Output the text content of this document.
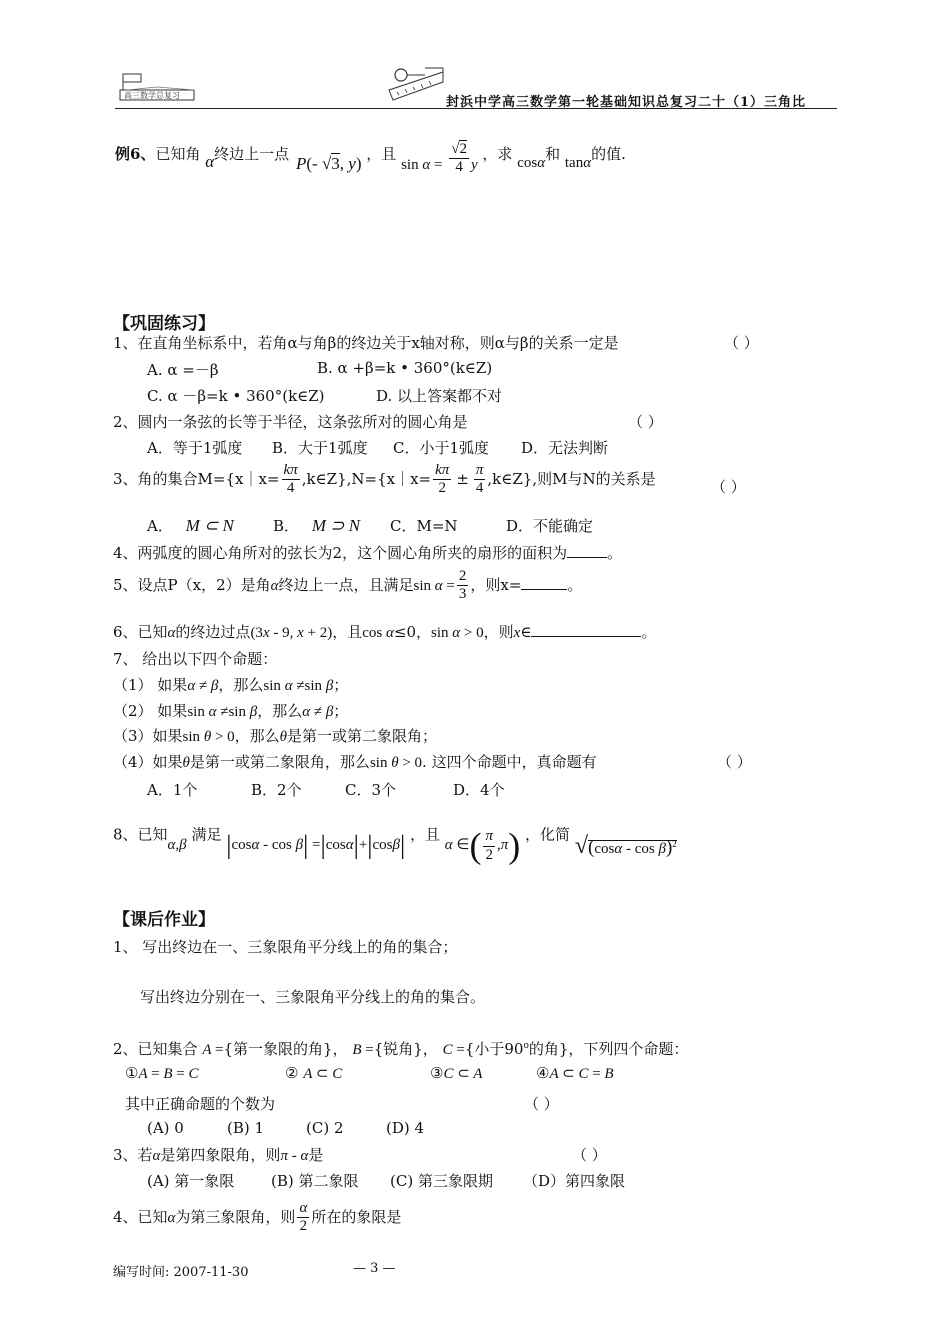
高三数学总复习	封浜中学高三数学第一轮基础知识总复习二十（1）三角比
例6、已知角 α终边上一点 P(- √3, y) ，且 $\sin \alpha = \frac{√2}{4}$ y ，求 cosα和 tanα的值.
【巩固练习】
1、在直角坐标系中，若角α与角β的终边关于x轴对称，则α与β的关系一定是	（ ）
A. α =－β	B. α +β=k • 360°(k∈Z)
C. α －β=k • 360°(k∈Z)	D. 以上答案都不对
2、圆内一条弦的长等于半径，这条弦所对的圆心角是	（ ）
A．等于1弧度 B．大于1弧度 C．小于1弧度 D．无法判断
3、角的集合M={x｜x= $\frac{k\pi}{4}$ ,k∈Z},N={x｜x= $\frac{k\pi}{2} \pm \frac{\pi}{4}$ ,k∈Z},则M与N的关系是	（ ）
A． M ⊂ N	B． M ⊃ N C．M=N	D．不能确定
4、两弧度的圆心角所对的弦长为2，这个圆心角所夹的扇形的面积为	。
5、设点P（x，2）是角α终边上一点，且满足$\sin \alpha = \frac{2}{3}$ ，则x=	。
6、已知α的终边过点(3x - 9, x + 2)，且cos α≤0，sin α > 0，则x∈	。
7、 给出以下四个命题：
（1） 如果α ≠ β，那么sin α ≠sin β；
（2） 如果sin α ≠sin β，那么α ≠ β；
（3）如果sin θ > 0，那么θ是第一或第二象限角；
（4）如果θ是第一或第二象限角，那么sin θ > 0. 这四个命题中，真命题有	（ ）
A．1个	B．2个	C．3个	D．4个
8、已知α,β 满足 |cosα - cos β| =|cosα|+|cosβ| ，且 α ∈( $\frac{\pi}{2} ,\pi$) ，化简 √(cosα - cos β)$^2$
【课后作业】
1、 写出终边在一、三象限角平分线上的角的集合；
写出终边分别在一、三象限角平分线上的角的集合。
2、已知集合 A ={第一象限的角}， B ={锐角}， C ={小于90$^o$的角}，下列四个命题：
①A = B = C	② A ⊂ C	③C ⊂ A	④A ⊂ C = B
其中正确命题的个数为	（ ）
(A) 0	(B) 1	(C) 2	(D) 4
3、若α是第四象限角，则π - α是	（ ）
(A) 第一象限 (B) 第二象限 (C) 第三象限期 （D）第四象限
4、已知α为第三象限角，则 $\frac{\alpha}{2}$ 所在的象限是
编写时间: 2007-11-30	— 3 —
